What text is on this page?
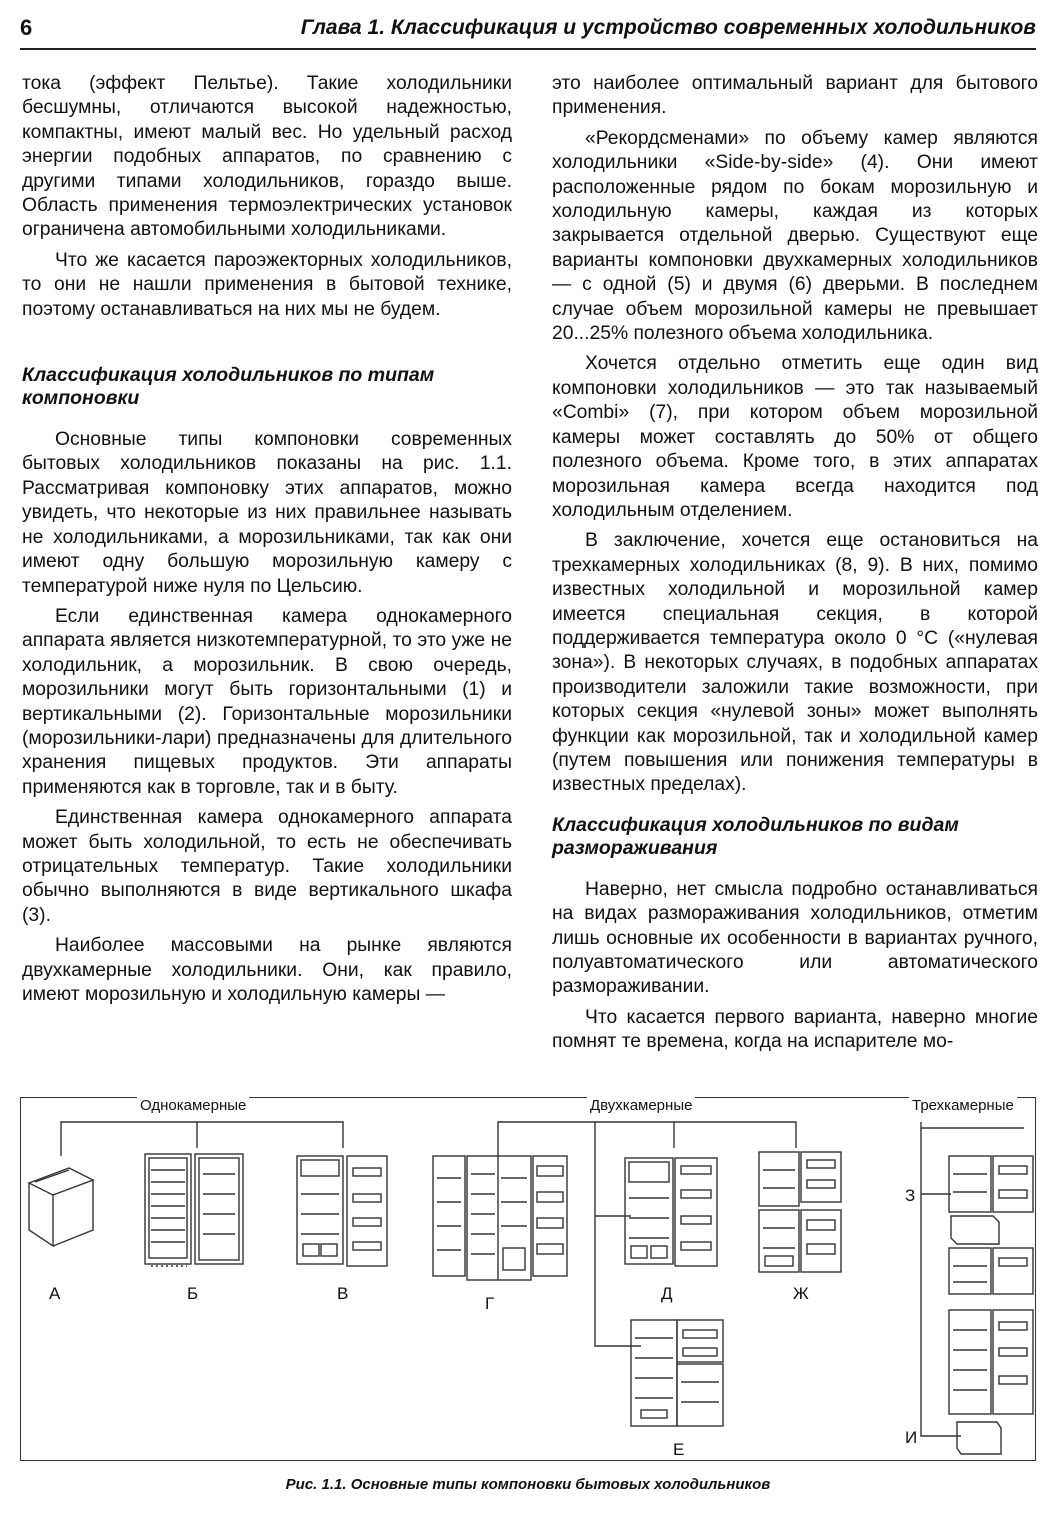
6	Глава 1. Классификация и устройство современных холодильников

тока (эффект Пельтье). Такие холодильники бесшумны, отличаются высокой надежностью, компактны, имеют малый вес. Но удельный расход энергии подобных аппаратов, по сравнению с другими типами холодильников, гораздо выше. Область применения термоэлектрических установок ограничена автомобильными холодильниками.

Что же касается пароэжекторных холодильников, то они не нашли применения в бытовой технике, поэтому останавливаться на них мы не будем.

Классификация холодильников по типам компоновки

Основные типы компоновки современных бытовых холодильников показаны на рис. 1.1. Рассматривая компоновку этих аппаратов, можно увидеть, что некоторые из них правильнее называть не холодильниками, а морозильниками, так как они имеют одну большую морозильную камеру с температурой ниже нуля по Цельсию.

Если единственная камера однокамерного аппарата является низкотемпературной, то это уже не холодильник, а морозильник. В свою очередь, морозильники могут быть горизонтальными (1) и вертикальными (2). Горизонтальные морозильники (морозильники-лари) предназначены для длительного хранения пищевых продуктов. Эти аппараты применяются как в торговле, так и в быту.

Единственная камера однокамерного аппарата может быть холодильной, то есть не обеспечивать отрицательных температур. Такие холодильники обычно выполняются в виде вертикального шкафа (3).

Наиболее массовыми на рынке являются двухкамерные холодильники. Они, как правило, имеют морозильную и холодильную камеры —

это наиболее оптимальный вариант для бытового применения.

«Рекордсменами» по объему камер являются холодильники «Side-by-side» (4). Они имеют расположенные рядом по бокам морозильную и холодильную камеры, каждая из которых закрывается отдельной дверью. Существуют еще варианты компоновки двухкамерных холодильников — с одной (5) и двумя (6) дверьми. В последнем случае объем морозильной камеры не превышает 20...25% полезного объема холодильника.

Хочется отдельно отметить еще один вид компоновки холодильников — это так называемый «Combi» (7), при котором объем морозильной камеры может составлять до 50% от общего полезного объема. Кроме того, в этих аппаратах морозильная камера всегда находится под холодильным отделением.

В заключение, хочется еще остановиться на трехкамерных холодильниках (8, 9). В них, помимо известных холодильной и морозильной камер имеется специальная секция, в которой поддерживается температура около 0 °C («нулевая зона»). В некоторых случаях, в подобных аппаратах производители заложили такие возможности, при которых секция «нулевой зоны» может выполнять функции как морозильной, так и холодильной камер (путем повышения или понижения температуры в известных пределах).

Классификация холодильников по видам размораживания

Наверно, нет смысла подробно останавливаться на видах размораживания холодильников, отметим лишь основные их особенности в вариантах ручного, полуавтоматического или автоматического размораживании.

Что касается первого варианта, наверно многие помнят те времена, когда на испарителе мо-

Однокамерные	Двухкамерные	Трехкамерные
А	Б	В
Г
Д	Ж
Е
З
И
Рис. 1.1. Основные типы компоновки бытовых холодильников
